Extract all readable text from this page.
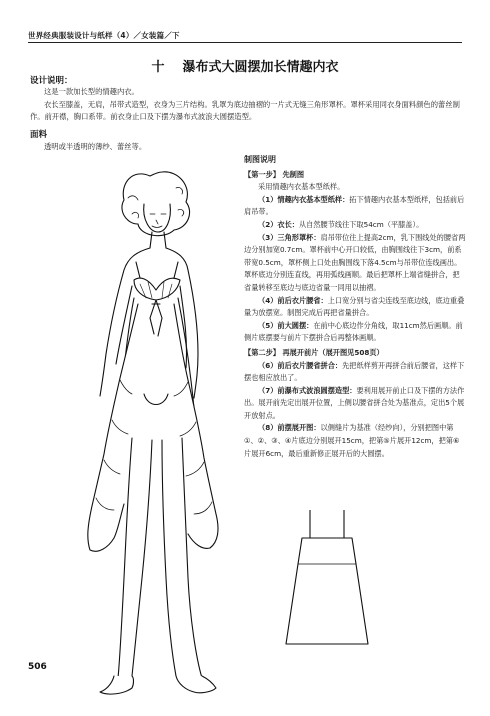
世界经典服装设计与纸样（4）／女装篇／下
十 瀑布式大圆摆加长情趣内衣
设计说明：

这是一款加长型的情趣内衣。

衣长至膝盖，无肩，吊带式造型，衣身为三片结构。乳罩为底边抽褶的一片式无缝三角形罩杯。罩杯采用同衣身面料颜色的蕾丝制作。前开襟，胸口系带。前衣身止口及下摆为瀑布式波浪大圆摆造型。

面料

透明或半透明的薄纱、蕾丝等。

制图说明
【第一步】 先制图

采用情趣内衣基本型纸样。

（1）情趣内衣基本型纸样：拓下情趣内衣基本型纸样，包括前后肩吊带。

（2）衣长：从自然腰节线往下取54cm（平膝盖）。

（3）三角形罩杯：肩吊带位往上提高2cm，乳下围线处的腰省两边分别加宽0.7cm。罩杯前中心开口较低，由胸围线往下3cm，前系带宽0.5cm，罩杯侧上口处由胸围线下落4.5cm与吊带位连线画出。罩杯底边分别连直线，再用弧线画顺。最后把罩杯上端省缝拼合，把省量转移至底边与底边省量一同用以抽褶。

（4）前后衣片腰省：上口宽分别与省尖连线至底边线，底边重叠量为放摆宽。制图完成后再把省量拼合。

（5）前大圆摆：在前中心底边作分角线，取11cm然后画顺。前侧片底摆要与前片下摆拼合后再整体画顺。

【第二步】 再展开前片（展开图见508页）

（6）前后衣片腰省拼合：先把纸样剪开再拼合前后腰省，这样下摆也相应放出了。

（7）前瀑布式波浪圆摆造型：要利用展开前止口及下摆的方法作出。展开前先定出展开位置，上侧以腰省拼合处为基准点，定出5个展开放射点。

（8）前摆展开图：以侧缝片为基准（经纱向），分别把图中第①、②、③、④片底边分别展开15cm，把第⑤片展开12cm，把第⑥片展开6cm，最后重新修正展开后的大圆摆。

506
